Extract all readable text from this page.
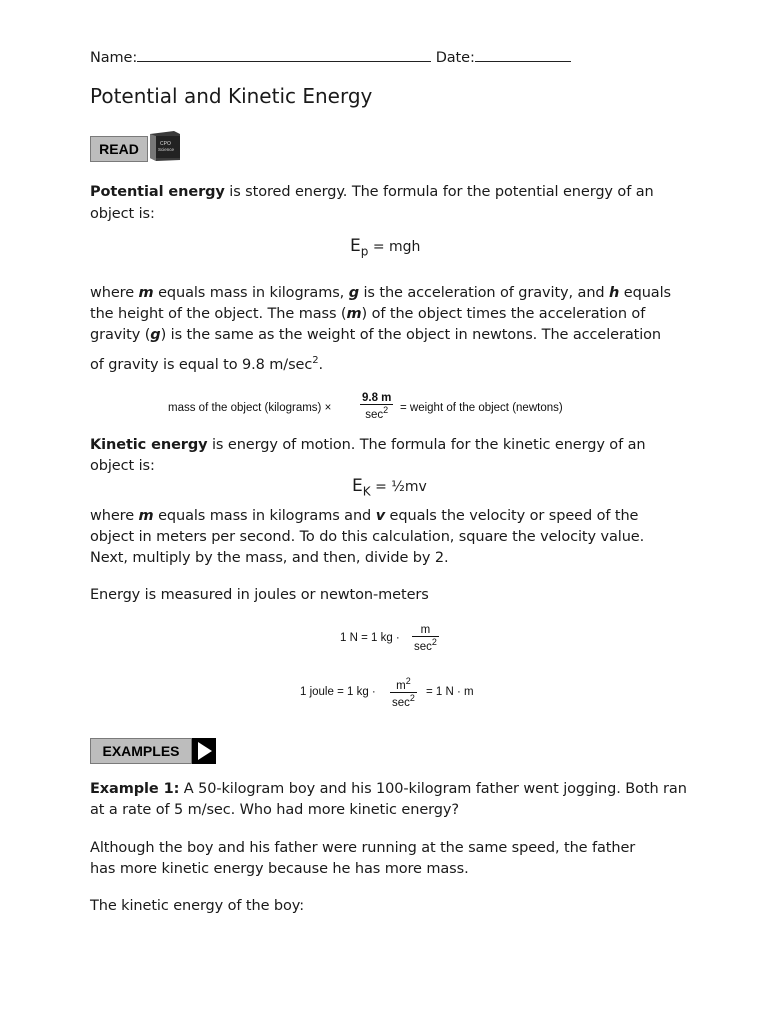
Name:	Date:
Potential and Kinetic Energy
READ	CPO
Science
Potential energy is stored energy. The formula for the potential energy of an
object is:
$E_p$ = mgh
where m equals mass in kilograms, g is the acceleration of gravity, and h equals
the height of the object. The mass (m) of the object times the acceleration of
gravity (g) is the same as the weight of the object in newtons. The acceleration
of gravity is equal to 9.8 $m/\sec^2$.
mass of the object (kilograms) ×
9.8 m
$\sec^2$	= weight of the object (newtons)
Kinetic energy is energy of motion. The formula for the kinetic energy of an
object is:
$E_K$ = ½mv
where m equals mass in kilograms and v equals the velocity or speed of the
object in meters per second. To do this calculation, square the velocity value.
Next, multiply by the mass, and then, divide by 2.
Energy is measured in joules or newton-meters
1 N = 1 kg ·
m
$\sec^2$
1 joule = 1 kg ·
$m^2$
$\sec^2 = 1$ N · m
EXAMPLES
Example 1: A 50-kilogram boy and his 100-kilogram father went jogging. Both ran
at a rate of 5 m/sec. Who had more kinetic energy?
Although the boy and his father were running at the same speed, the father
has more kinetic energy because he has more mass.
The kinetic energy of the boy:
